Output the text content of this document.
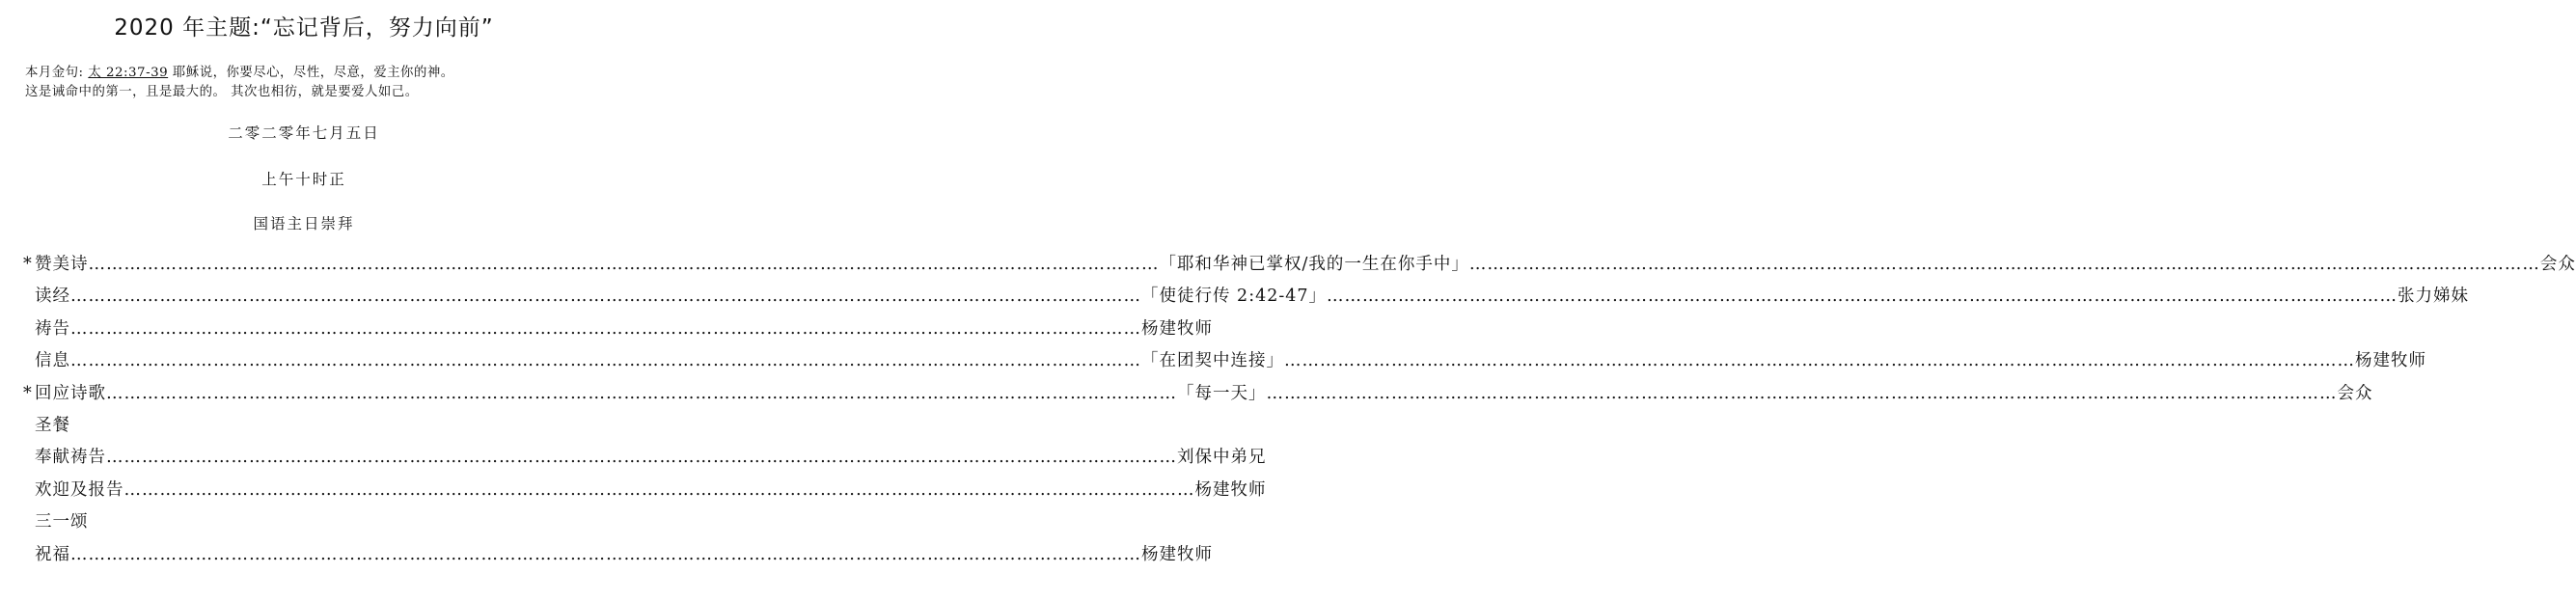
2020 年主题:“忘记背后，努力向前”
本月金句: 太 22:37-39 耶稣说，你要尽心，尽性，尽意，爱主你的神。
这是诫命中的第一，且是最大的。 其次也相彷，就是要爱人如己。
二零二零年七月五日
上午十时正
国语主日崇拜
* 赞美诗 ……………………………………………………………………………………………………………………………………………………………… 「耶和华神已掌权/我的一生在你手中」 ……………………………………………………………………………………………………………………………………………………………… 会众
读经 ……………………………………………………………………………………………………………………………………………………………… 「使徒行传 2:42-47」 ……………………………………………………………………………………………………………………………………………………………… 张力娣妹
祷告 ……………………………………………………………………………………………………………………………………………………………… 杨建牧师
信息 ……………………………………………………………………………………………………………………………………………………………… 「在团契中连接」 ……………………………………………………………………………………………………………………………………………………………… 杨建牧师
* 回应诗歌 ……………………………………………………………………………………………………………………………………………………………… 「每一天」 ……………………………………………………………………………………………………………………………………………………………… 会众
圣餐
奉献祷告 ……………………………………………………………………………………………………………………………………………………………… 刘保中弟兄
欢迎及报告 ……………………………………………………………………………………………………………………………………………………………… 杨建牧师
三一颂
祝福 ……………………………………………………………………………………………………………………………………………………………… 杨建牧师
